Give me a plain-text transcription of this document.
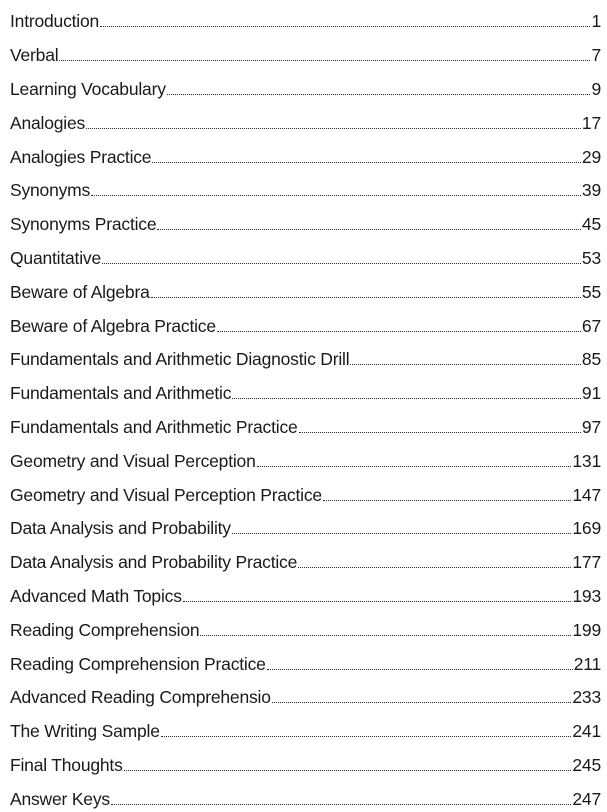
Introduction	1
Verbal	7
Learning Vocabulary	9
Analogies	17
Analogies Practice	29
Synonyms	39
Synonyms Practice	45
Quantitative	53
Beware of Algebra	55
Beware of Algebra Practice	67
Fundamentals and Arithmetic Diagnostic Drill	85
Fundamentals and Arithmetic	91
Fundamentals and Arithmetic Practice	97
Geometry and Visual Perception	131
Geometry and Visual Perception Practice	147
Data Analysis and Probability	169
Data Analysis and Probability Practice	177
Advanced Math Topics	193
Reading Comprehension	199
Reading Comprehension Practice	211
Advanced Reading Comprehensio	233
The Writing Sample	241
Final Thoughts	245
Answer Keys	247
